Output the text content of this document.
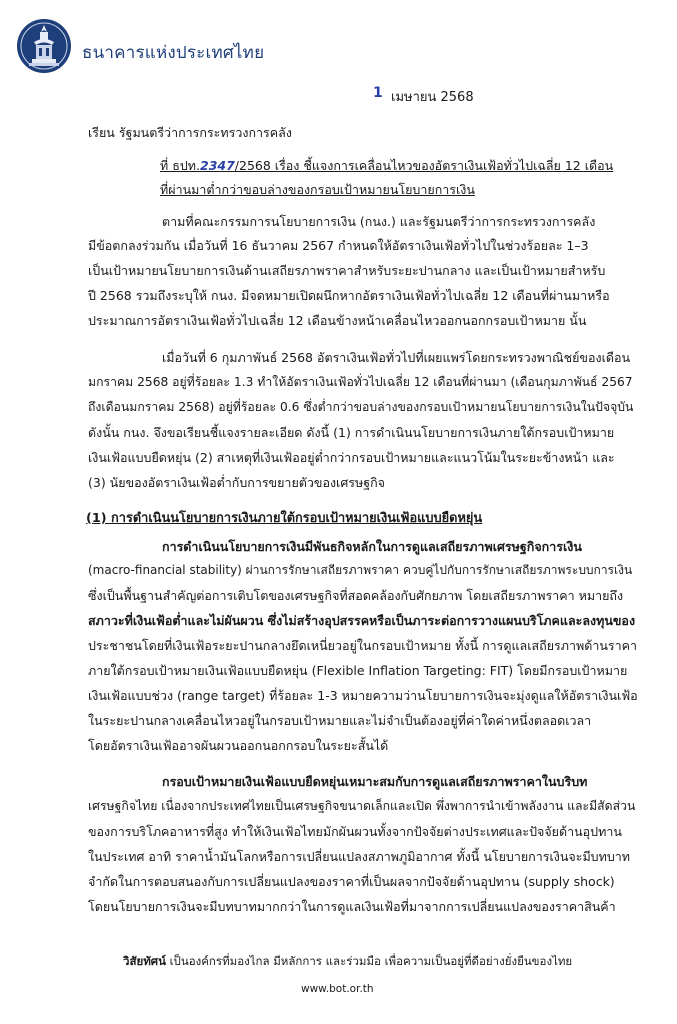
ธนาคารแห่งประเทศไทย
1 เมษายน 2568
เรียน รัฐมนตรีว่าการกระทรวงการคลัง
ที่ ธปท.2347/2568 เรื่อง ชี้แจงการเคลื่อนไหวของอัตราเงินเฟ้อทั่วไปเฉลี่ย 12 เดือน
ที่ผ่านมาต่ำกว่าขอบล่างของกรอบเป้าหมายนโยบายการเงิน
ตามที่คณะกรรมการนโยบายการเงิน (กนง.) และรัฐมนตรีว่าการกระทรวงการคลัง
มีข้อตกลงร่วมกัน เมื่อวันที่ 16 ธันวาคม 2567 กำหนดให้อัตราเงินเฟ้อทั่วไปในช่วงร้อยละ 1–3
เป็นเป้าหมายนโยบายการเงินด้านเสถียรภาพราคาสำหรับระยะปานกลาง และเป็นเป้าหมายสำหรับ
ปี 2568 รวมถึงระบุให้ กนง. มีจดหมายเปิดผนึกหากอัตราเงินเฟ้อทั่วไปเฉลี่ย 12 เดือนที่ผ่านมาหรือ
ประมาณการอัตราเงินเฟ้อทั่วไปเฉลี่ย 12 เดือนข้างหน้าเคลื่อนไหวออกนอกกรอบเป้าหมาย นั้น
เมื่อวันที่ 6 กุมภาพันธ์ 2568 อัตราเงินเฟ้อทั่วไปที่เผยแพร่โดยกระทรวงพาณิชย์ของเดือน
มกราคม 2568 อยู่ที่ร้อยละ 1.3 ทำให้อัตราเงินเฟ้อทั่วไปเฉลี่ย 12 เดือนที่ผ่านมา (เดือนกุมภาพันธ์ 2567
ถึงเดือนมกราคม 2568) อยู่ที่ร้อยละ 0.6 ซึ่งต่ำกว่าขอบล่างของกรอบเป้าหมายนโยบายการเงินในปัจจุบัน
ดังนั้น กนง. จึงขอเรียนชี้แจงรายละเอียด ดังนี้ (1) การดำเนินนโยบายการเงินภายใต้กรอบเป้าหมาย
เงินเฟ้อแบบยืดหยุ่น (2) สาเหตุที่เงินเฟ้ออยู่ต่ำกว่ากรอบเป้าหมายและแนวโน้มในระยะข้างหน้า และ
(3) นัยของอัตราเงินเฟ้อต่ำกับการขยายตัวของเศรษฐกิจ
(1) การดำเนินนโยบายการเงินภายใต้กรอบเป้าหมายเงินเฟ้อแบบยืดหยุ่น
การดำเนินนโยบายการเงินมีพันธกิจหลักในการดูแลเสถียรภาพเศรษฐกิจการเงิน
(macro-financial stability) ผ่านการรักษาเสถียรภาพราคา ควบคู่ไปกับการรักษาเสถียรภาพระบบการเงิน
ซึ่งเป็นพื้นฐานสำคัญต่อการเติบโตของเศรษฐกิจที่สอดคล้องกับศักยภาพ โดยเสถียรภาพราคา หมายถึง
สภาวะที่เงินเฟ้อต่ำและไม่ผันผวน ซึ่งไม่สร้างอุปสรรคหรือเป็นภาระต่อการวางแผนบริโภคและลงทุนของ
ประชาชนโดยที่เงินเฟ้อระยะปานกลางยึดเหนี่ยวอยู่ในกรอบเป้าหมาย ทั้งนี้ การดูแลเสถียรภาพด้านราคา
ภายใต้กรอบเป้าหมายเงินเฟ้อแบบยืดหยุ่น (Flexible Inflation Targeting: FIT) โดยมีกรอบเป้าหมาย
เงินเฟ้อแบบช่วง (range target) ที่ร้อยละ 1-3 หมายความว่านโยบายการเงินจะมุ่งดูแลให้อัตราเงินเฟ้อ
ในระยะปานกลางเคลื่อนไหวอยู่ในกรอบเป้าหมายและไม่จำเป็นต้องอยู่ที่ค่าใดค่าหนึ่งตลอดเวลา
โดยอัตราเงินเฟ้ออาจผันผวนออกนอกกรอบในระยะสั้นได้
กรอบเป้าหมายเงินเฟ้อแบบยืดหยุ่นเหมาะสมกับการดูแลเสถียรภาพราคาในบริบท
เศรษฐกิจไทย เนื่องจากประเทศไทยเป็นเศรษฐกิจขนาดเล็กและเปิด พึ่งพาการนำเข้าพลังงาน และมีสัดส่วน
ของการบริโภคอาหารที่สูง ทำให้เงินเฟ้อไทยมักผันผวนทั้งจากปัจจัยต่างประเทศและปัจจัยด้านอุปทาน
ในประเทศ อาทิ ราคาน้ำมันโลกหรือการเปลี่ยนแปลงสภาพภูมิอากาศ ทั้งนี้ นโยบายการเงินจะมีบทบาท
จำกัดในการตอบสนองกับการเปลี่ยนแปลงของราคาที่เป็นผลจากปัจจัยด้านอุปทาน (supply shock)
โดยนโยบายการเงินจะมีบทบาทมากกว่าในการดูแลเงินเฟ้อที่มาจากการเปลี่ยนแปลงของราคาสินค้า
วิสัยทัศน์ เป็นองค์กรที่มองไกล มีหลักการ และร่วมมือ เพื่อความเป็นอยู่ที่ดีอย่างยั่งยืนของไทย
www.bot.or.th
